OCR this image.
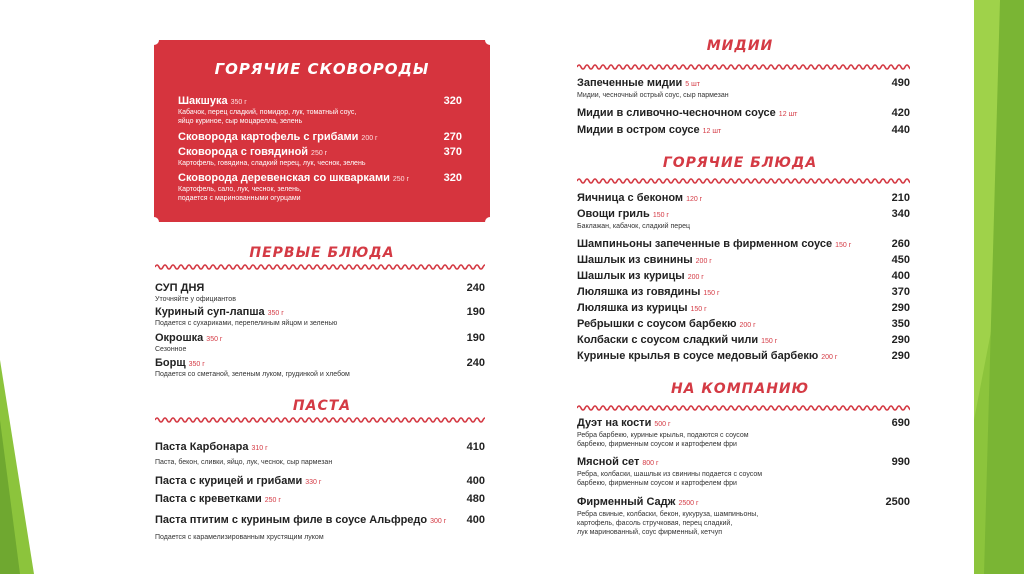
ГОРЯЧИЕ СКОВОРОДЫ
ПЕРВЫЕ БЛЮДА
ПАСТА
МИДИИ
ГОРЯЧИЕ БЛЮДА
НА КОМПАНИЮ
Шакшука 350 г	320
Кабачок, перец сладкий, помидор, лук, томатный соус,
яйцо куриное, сыр моцарелла, зелень
Сковорода картофель с грибами 200 г	270
Сковорода с говядиной 250 г	370
Картофель, говядина, сладкий перец, лук, чеснок, зелень
Сковорода деревенская со шкварками 250 г	320
Картофель, сало, лук, чеснок, зелень,
подается с маринованными огурцами
СУП ДНЯ	240
Уточняйте у официантов
Куриный суп-лапша 350 г	190
Подается с сухариками, перепелиным яйцом и зеленью
Окрошка 350 г	190
Сезонное
Борщ 350 г	240
Подается со сметаной, зеленым луком, грудинкой и хлебом
Паста Карбонара 310 г	410
Паста, бекон, сливки, яйцо, лук, чеснок, сыр пармезан
Паста с курицей и грибами 330 г	400
Паста с креветками 250 г	480
Паста птитим с куриным филе в соусе Альфредо 300 г	400
Подается с карамелизированным хрустящим луком
Запеченные мидии 5 шт	490
Мидии, чесночный острый соус, сыр пармезан
Мидии в сливочно-чесночном соусе 12 шт	420
Мидии в остром соусе 12 шт	440
Яичница с беконом 120 г	210
Овощи гриль 150 г	340
Баклажан, кабачок, сладкий перец
Шампиньоны запеченные в фирменном соусе 150 г	260
Шашлык из свинины 200 г	450
Шашлык из курицы 200 г	400
Люляшка из говядины 150 г	370
Люляшка из курицы 150 г	290
Ребрышки с соусом барбекю 200 г	350
Колбаски с соусом сладкий чили 150 г	290
Куриные крылья в соусе медовый барбекю 200 г	290
Дуэт на кости 500 г	690
Ребра барбекю, куриные крылья, подаются с соусом
барбекю, фирменным соусом и картофелем фри
Мясной сет 800 г	990
Ребра, колбаски, шашлык из свинины подается с соусом
барбекю, фирменным соусом и картофелем фри
Фирменный Садж 2500 г	2500
Ребра свиные, колбаски, бекон, кукуруза, шампиньоны,
картофель, фасоль стручковая, перец сладкий,
лук маринованный, соус фирменный, кетчуп
